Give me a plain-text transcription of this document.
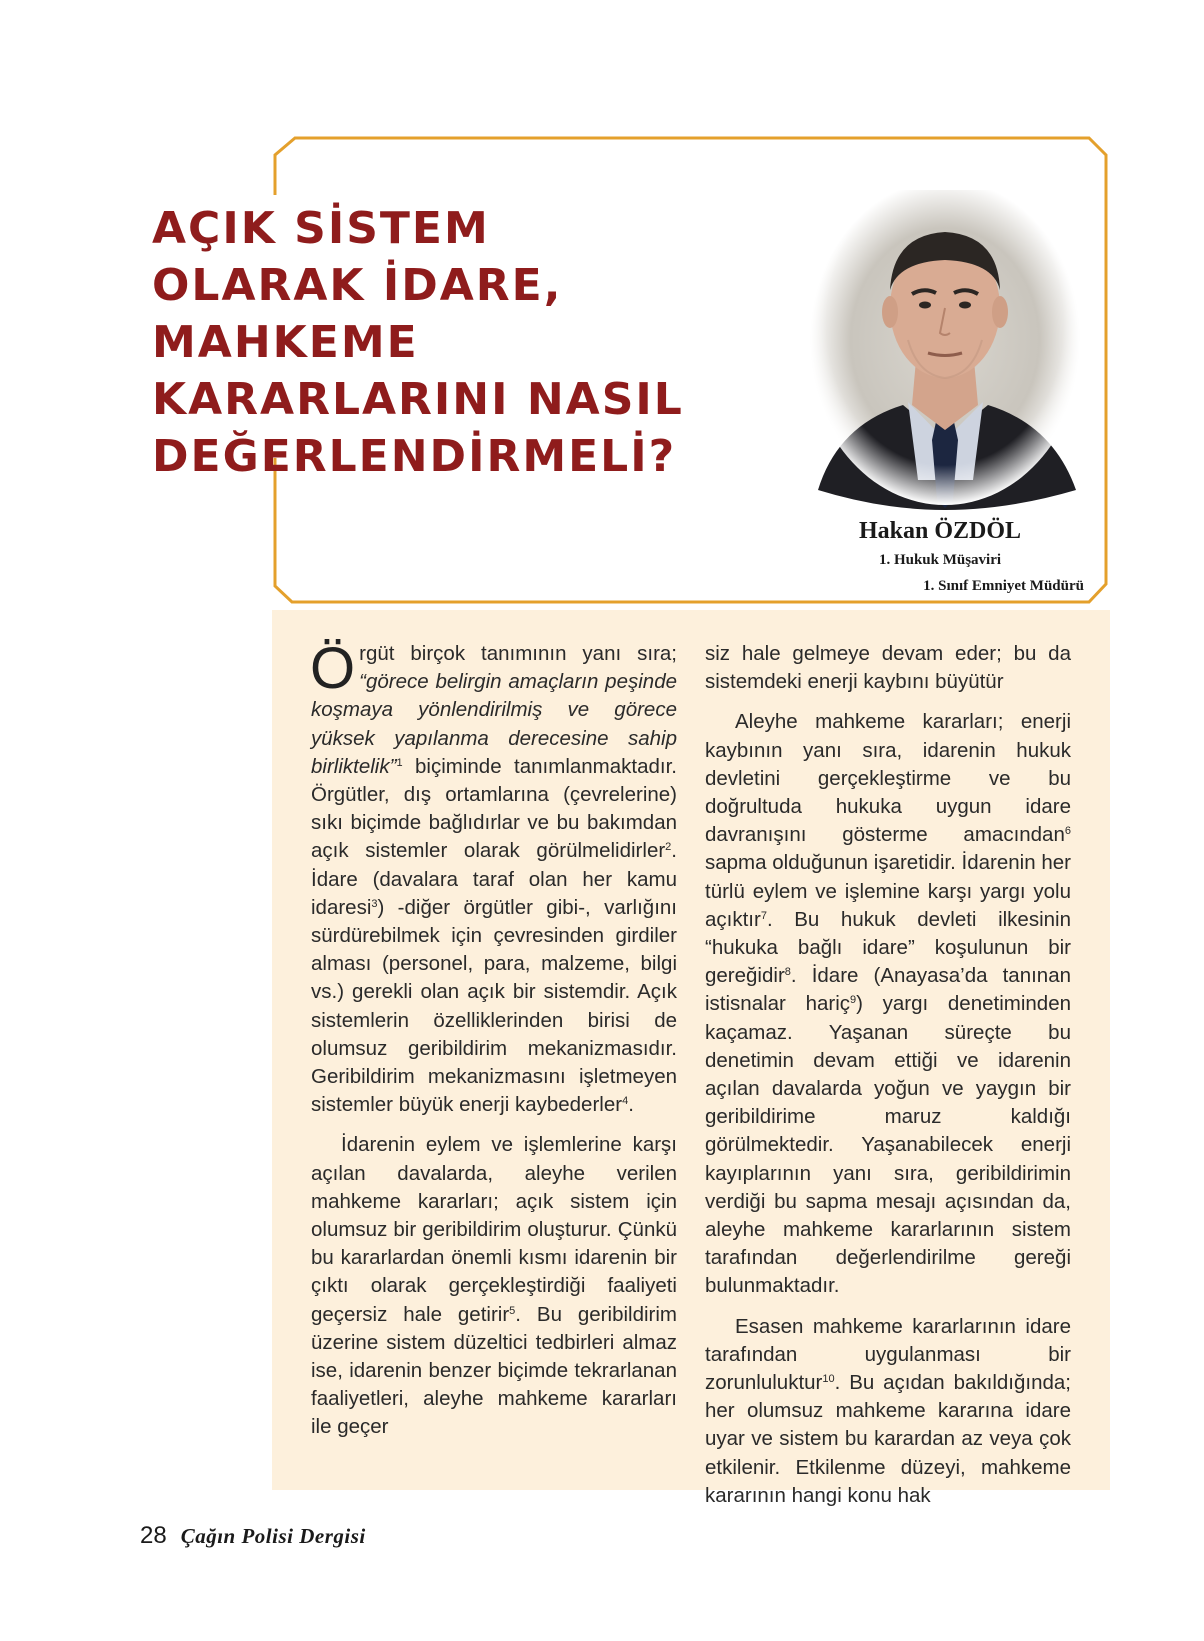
AÇIK SİSTEM
OLARAK İDARE,
MAHKEME
KARARLARINI NASIL
DEĞERLENDİRMELİ?

Hakan ÖZDÖL

1. Hukuk Müşaviri

1. Sınıf Emniyet Müdürü

Örgüt birçok tanımının yanı sıra; “görece belirgin amaçların peşinde koşmaya yönlendirilmiş ve görece yüksek yapılanma derecesine sahip birliktelik”$^1$ biçiminde tanımlanmaktadır. Örgütler, dış ortamlarına (çevrelerine) sıkı biçimde bağlıdırlar ve bu bakımdan açık sistemler olarak görülmelidirler$^2$. İdare (davalara taraf olan her kamu idaresi$^3$) -diğer örgütler gibi-, varlığını sürdürebilmek için çevresinden girdiler alması (personel, para, malzeme, bilgi vs.) gerekli olan açık bir sistemdir. Açık sistemlerin özelliklerinden birisi de olumsuz geribildirim mekanizmasıdır. Geribildirim mekanizmasını işletmeyen sistemler büyük enerji kaybederler$^4$.

İdarenin eylem ve işlemlerine karşı açılan davalarda, aleyhe verilen mahkeme kararları; açık sistem için olumsuz bir geribildirim oluşturur. Çünkü bu kararlardan önemli kısmı idarenin bir çıktı olarak gerçekleştirdiği faaliyeti geçersiz hale getirir$^5$. Bu geribildirim üzerine sistem düzeltici tedbirleri almaz ise, idarenin benzer biçimde tekrarlanan faaliyetleri, aleyhe mahkeme kararları ile geçer

siz hale gelmeye devam eder; bu da sistemdeki enerji kaybını büyütür

Aleyhe mahkeme kararları; enerji kaybının yanı sıra, idarenin hukuk devletini gerçekleştirme ve bu doğrultuda hukuka uygun idare davranışını gösterme amacından$^6$ sapma olduğunun işaretidir. İdarenin her türlü eylem ve işlemine karşı yargı yolu açıktır$^7$. Bu hukuk devleti ilkesinin “hukuka bağlı idare” koşulunun bir gereğidir$^8$. İdare (Anayasa’da tanınan istisnalar hariç$^9$) yargı denetiminden kaçamaz. Yaşanan süreçte bu denetimin devam ettiği ve idarenin açılan davalarda yoğun ve yaygın bir geribildirime maruz kaldığı görülmektedir. Yaşanabilecek enerji kayıplarının yanı sıra, geribildirimin verdiği bu sapma mesajı açısından da, aleyhe mahkeme kararlarının sistem tarafından değerlendirilme gereği bulunmaktadır.

Esasen mahkeme kararlarının idare tarafından uygulanması bir zorunluluktur$^{10}$. Bu açıdan bakıldığında; her olumsuz mahkeme kararına idare uyar ve sistem bu karardan az veya çok etkilenir. Etkilenme düzeyi, mahkeme kararının hangi konu hak

28 Çağın Polisi Dergisi
